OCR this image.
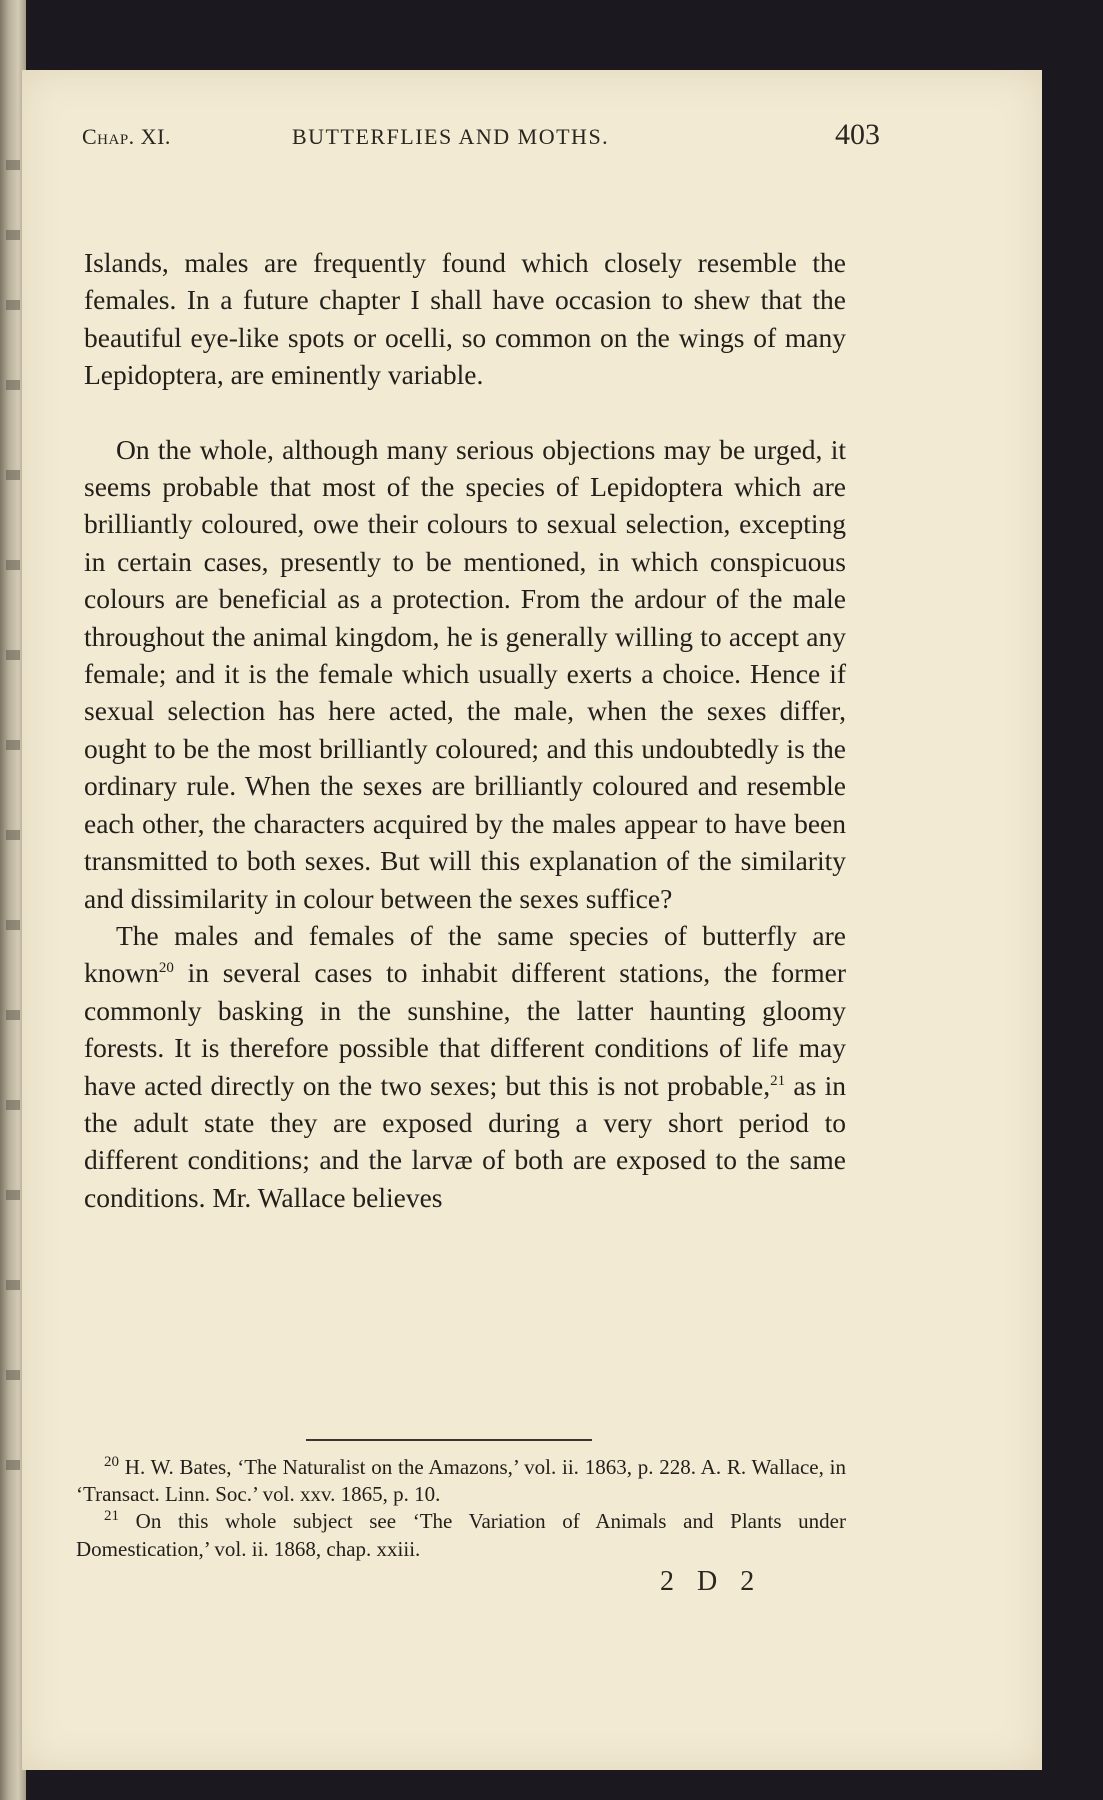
Chap. XI.	BUTTERFLIES AND MOTHS.	403

Islands, males are frequently found which closely resemble the females. In a future chapter I shall have occasion to shew that the beautiful eye-like spots or ocelli, so common on the wings of many Lepidoptera, are eminently variable.

On the whole, although many serious objections may be urged, it seems probable that most of the species of Lepidoptera which are brilliantly coloured, owe their colours to sexual selection, excepting in certain cases, presently to be mentioned, in which conspicuous colours are beneficial as a protection. From the ardour of the male throughout the animal kingdom, he is generally willing to accept any female; and it is the female which usually exerts a choice. Hence if sexual selection has here acted, the male, when the sexes differ, ought to be the most brilliantly coloured; and this undoubtedly is the ordinary rule. When the sexes are brilliantly coloured and resemble each other, the characters acquired by the males appear to have been transmitted to both sexes. But will this explanation of the similarity and dissimilarity in colour between the sexes suffice?

The males and females of the same species of butterfly are known$^{20}$ in several cases to inhabit different stations, the former commonly basking in the sunshine, the latter haunting gloomy forests. It is therefore possible that different conditions of life may have acted directly on the two sexes; but this is not probable,$^{21}$ as in the adult state they are exposed during a very short period to different conditions; and the larvæ of both are exposed to the same conditions. Mr. Wallace believes

$^{20}$ H. W. Bates, ‘The Naturalist on the Amazons,’ vol. ii. 1863, p. 228. A. R. Wallace, in ‘Transact. Linn. Soc.’ vol. xxv. 1865, p. 10.

$^{21}$ On this whole subject see ‘The Variation of Animals and Plants under Domestication,’ vol. ii. 1868, chap. xxiii.

2 D 2
